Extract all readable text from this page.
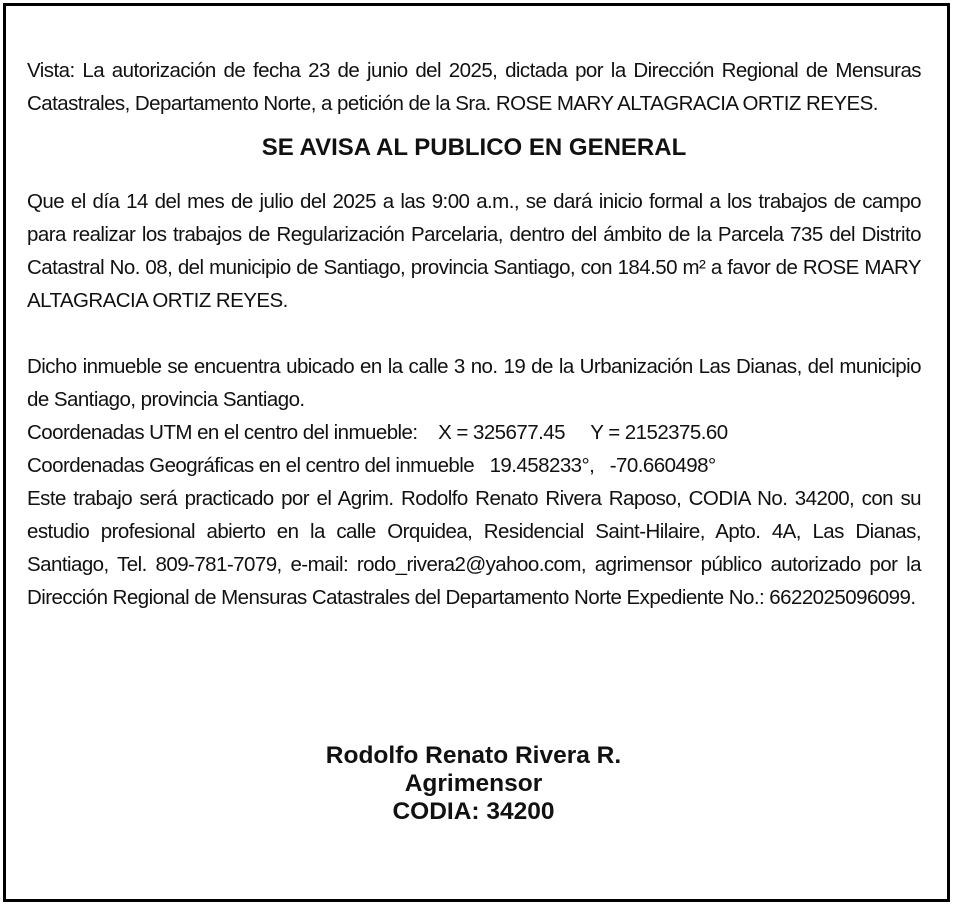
Vista: La autorización de fecha 23 de junio del 2025, dictada por la Dirección Regional de Mensuras Catastrales, Departamento Norte, a petición de la Sra. ROSE MARY ALTAGRACIA ORTIZ REYES.

SE AVISA AL PUBLICO EN GENERAL

Que el día 14 del mes de julio del 2025 a las 9:00 a.m., se dará inicio formal a los trabajos de campo para realizar los trabajos de Regularización Parcelaria, dentro del ámbito de la Parcela 735 del Distrito Catastral No. 08, del municipio de Santiago, provincia Santiago, con 184.50 m² a favor de ROSE MARY ALTAGRACIA ORTIZ REYES.

Dicho inmueble se encuentra ubicado en la calle 3 no. 19 de la Urbanización Las Dianas, del municipio de Santiago, provincia Santiago.

Coordenadas UTM en el centro del inmueble: X = 325677.45 Y = 2152375.60

Coordenadas Geográficas en el centro del inmueble 19.458233°, -70.660498°

Este trabajo será practicado por el Agrim. Rodolfo Renato Rivera Raposo, CODIA No. 34200, con su estudio profesional abierto en la calle Orquidea, Residencial Saint-Hilaire, Apto. 4A, Las Dianas, Santiago, Tel. 809-781-7079, e-mail: rodo_rivera2@yahoo.com, agrimensor público autorizado por la Dirección Regional de Mensuras Catastrales del Departamento Norte Expediente No.: 6622025096099.

Rodolfo Renato Rivera R.
Agrimensor
CODIA: 34200
